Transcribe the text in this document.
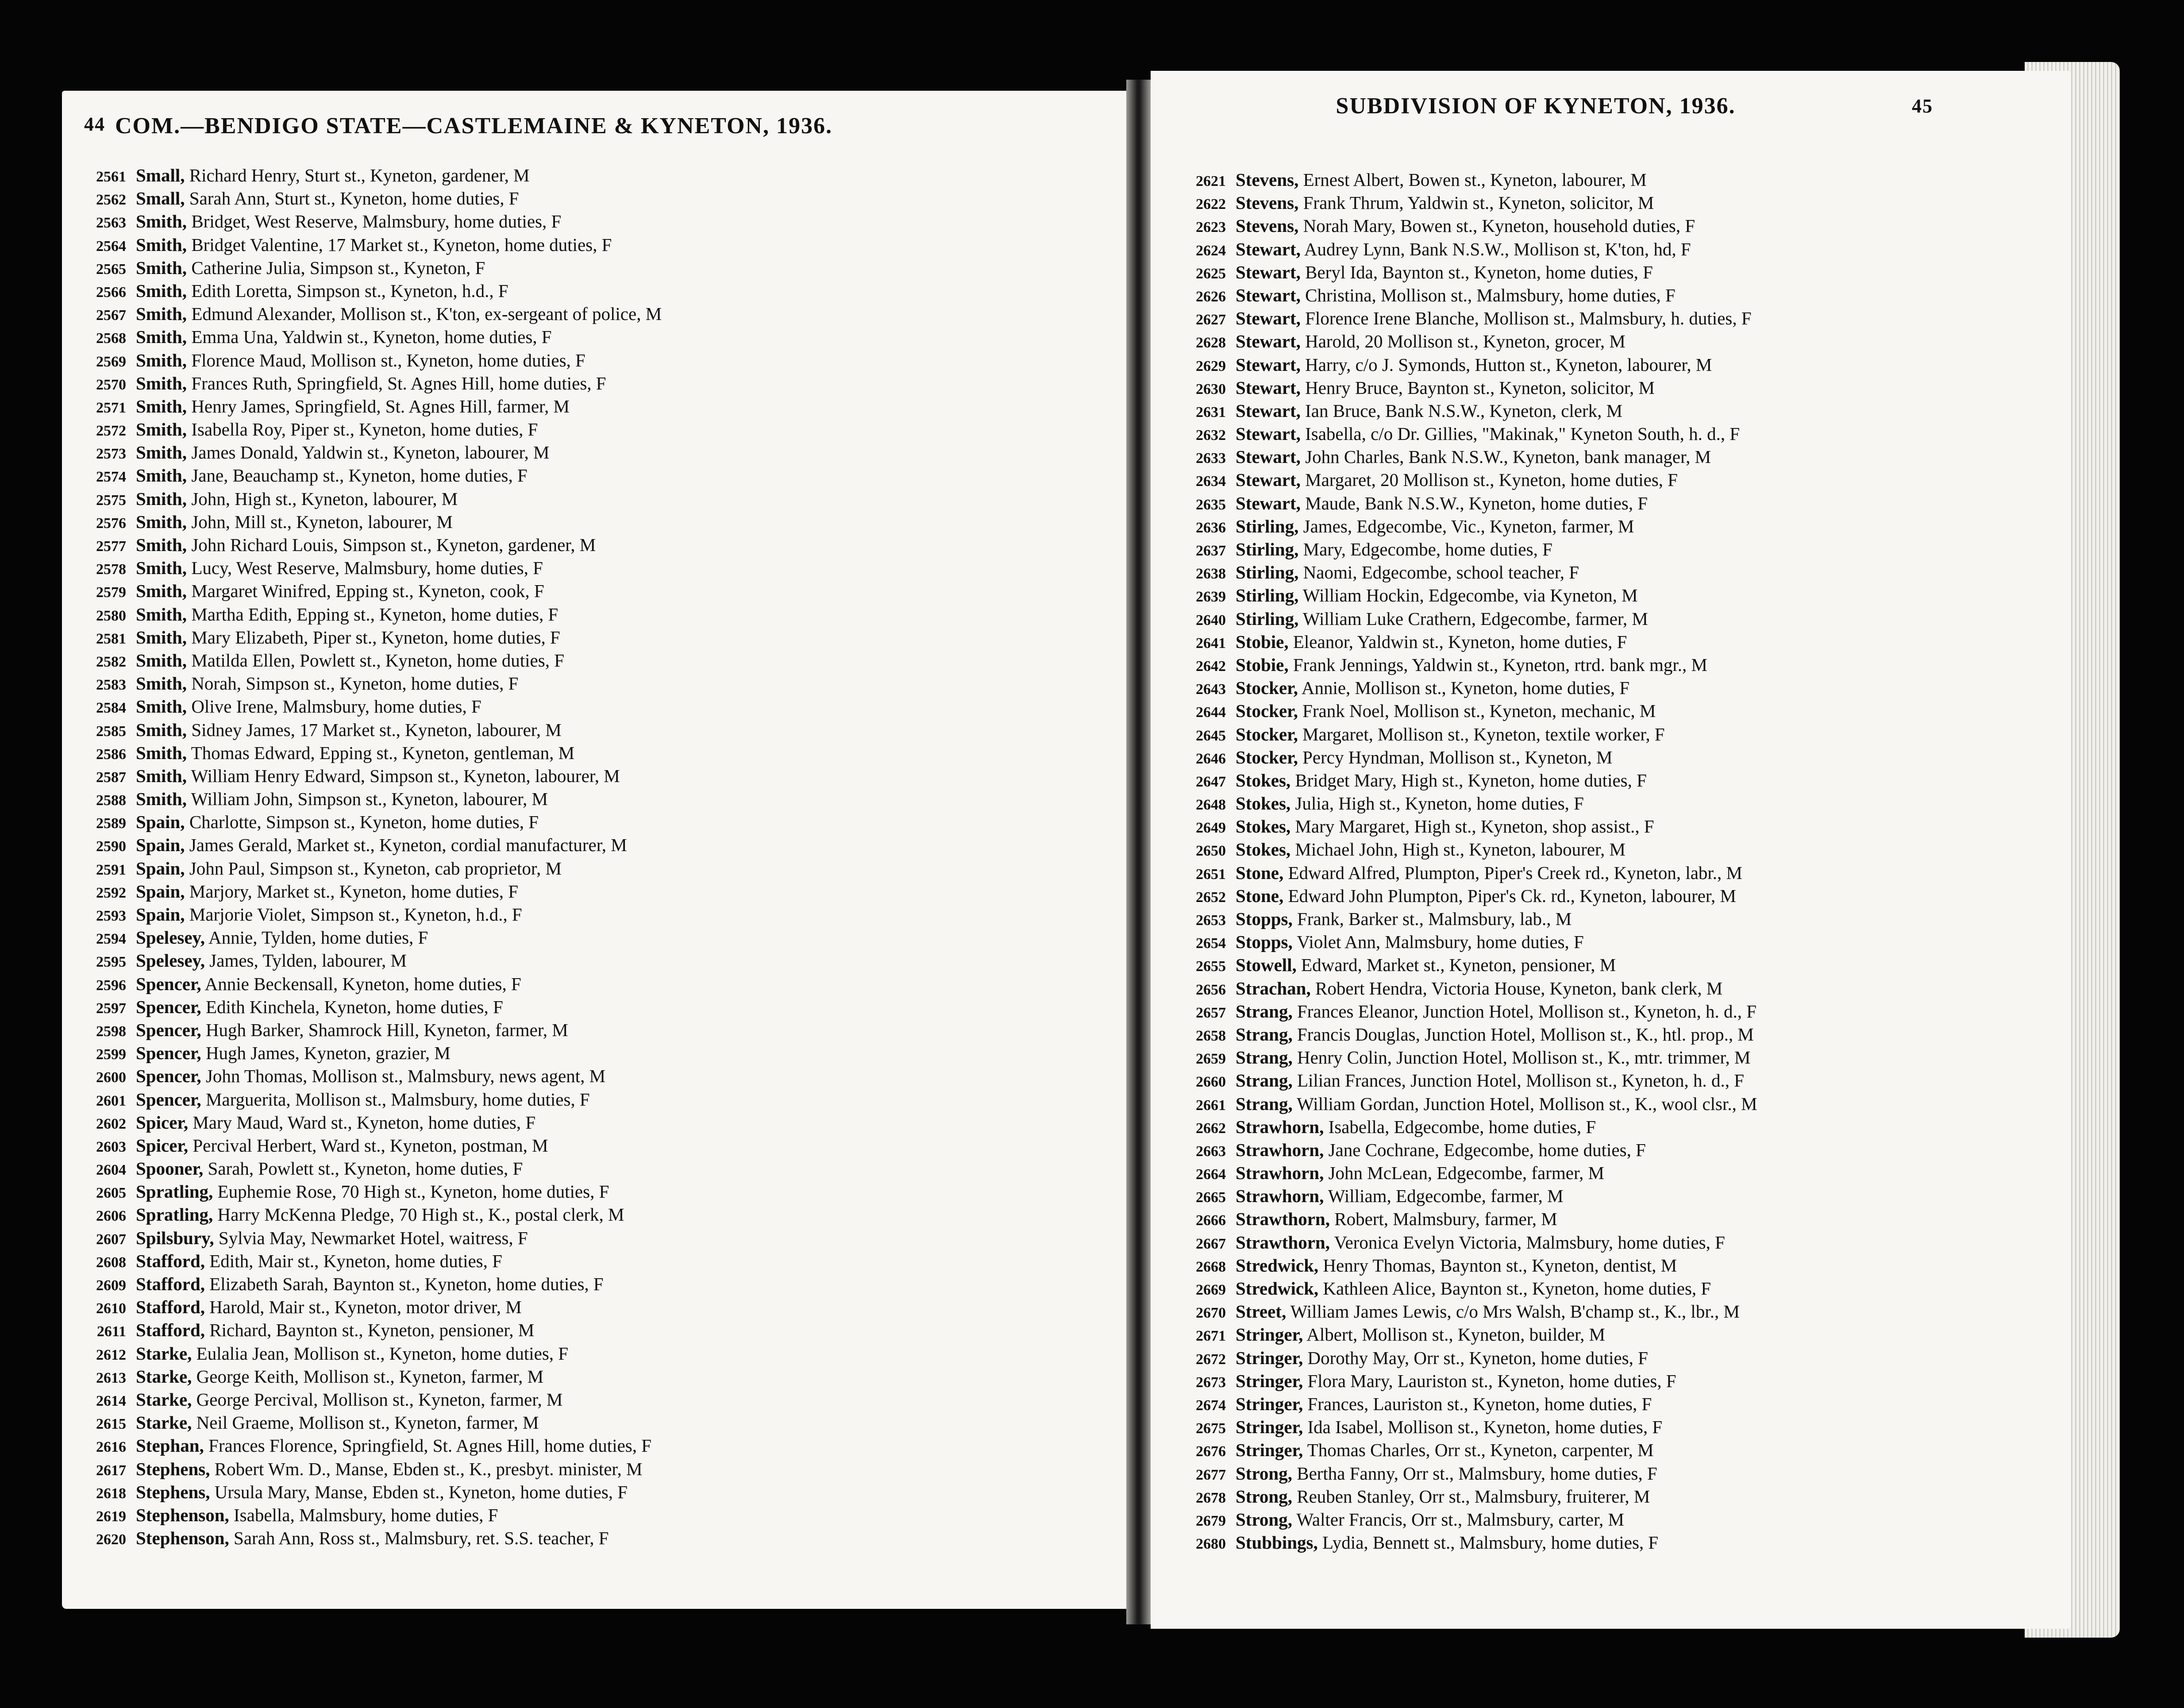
44 COM.—BENDIGO STATE—CASTLEMAINE & KYNETON, 1936.
2561 Small, Richard Henry, Sturt st., Kyneton, gardener, M
2562 Small, Sarah Ann, Sturt st., Kyneton, home duties, F
2563 Smith, Bridget, West Reserve, Malmsbury, home duties, F
2564 Smith, Bridget Valentine, 17 Market st., Kyneton, home duties, F
2565 Smith, Catherine Julia, Simpson st., Kyneton, F
2566 Smith, Edith Loretta, Simpson st., Kyneton, h.d., F
2567 Smith, Edmund Alexander, Mollison st., K'ton, ex-sergeant of police, M
2568 Smith, Emma Una, Yaldwin st., Kyneton, home duties, F
2569 Smith, Florence Maud, Mollison st., Kyneton, home duties, F
2570 Smith, Frances Ruth, Springfield, St. Agnes Hill, home duties, F
2571 Smith, Henry James, Springfield, St. Agnes Hill, farmer, M
2572 Smith, Isabella Roy, Piper st., Kyneton, home duties, F
2573 Smith, James Donald, Yaldwin st., Kyneton, labourer, M
2574 Smith, Jane, Beauchamp st., Kyneton, home duties, F
2575 Smith, John, High st., Kyneton, labourer, M
2576 Smith, John, Mill st., Kyneton, labourer, M
2577 Smith, John Richard Louis, Simpson st., Kyneton, gardener, M
2578 Smith, Lucy, West Reserve, Malmsbury, home duties, F
2579 Smith, Margaret Winifred, Epping st., Kyneton, cook, F
2580 Smith, Martha Edith, Epping st., Kyneton, home duties, F
2581 Smith, Mary Elizabeth, Piper st., Kyneton, home duties, F
2582 Smith, Matilda Ellen, Powlett st., Kyneton, home duties, F
2583 Smith, Norah, Simpson st., Kyneton, home duties, F
2584 Smith, Olive Irene, Malmsbury, home duties, F
2585 Smith, Sidney James, 17 Market st., Kyneton, labourer, M
2586 Smith, Thomas Edward, Epping st., Kyneton, gentleman, M
2587 Smith, William Henry Edward, Simpson st., Kyneton, labourer, M
2588 Smith, William John, Simpson st., Kyneton, labourer, M
2589 Spain, Charlotte, Simpson st., Kyneton, home duties, F
2590 Spain, James Gerald, Market st., Kyneton, cordial manufacturer, M
2591 Spain, John Paul, Simpson st., Kyneton, cab proprietor, M
2592 Spain, Marjory, Market st., Kyneton, home duties, F
2593 Spain, Marjorie Violet, Simpson st., Kyneton, h.d., F
2594 Spelesey, Annie, Tylden, home duties, F
2595 Spelesey, James, Tylden, labourer, M
2596 Spencer, Annie Beckensall, Kyneton, home duties, F
2597 Spencer, Edith Kinchela, Kyneton, home duties, F
2598 Spencer, Hugh Barker, Shamrock Hill, Kyneton, farmer, M
2599 Spencer, Hugh James, Kyneton, grazier, M
2600 Spencer, John Thomas, Mollison st., Malmsbury, news agent, M
2601 Spencer, Marguerita, Mollison st., Malmsbury, home duties, F
2602 Spicer, Mary Maud, Ward st., Kyneton, home duties, F
2603 Spicer, Percival Herbert, Ward st., Kyneton, postman, M
2604 Spooner, Sarah, Powlett st., Kyneton, home duties, F
2605 Spratling, Euphemie Rose, 70 High st., Kyneton, home duties, F
2606 Spratling, Harry McKenna Pledge, 70 High st., K., postal clerk, M
2607 Spilsbury, Sylvia May, Newmarket Hotel, waitress, F
2608 Stafford, Edith, Mair st., Kyneton, home duties, F
2609 Stafford, Elizabeth Sarah, Baynton st., Kyneton, home duties, F
2610 Stafford, Harold, Mair st., Kyneton, motor driver, M
2611 Stafford, Richard, Baynton st., Kyneton, pensioner, M
2612 Starke, Eulalia Jean, Mollison st., Kyneton, home duties, F
2613 Starke, George Keith, Mollison st., Kyneton, farmer, M
2614 Starke, George Percival, Mollison st., Kyneton, farmer, M
2615 Starke, Neil Graeme, Mollison st., Kyneton, farmer, M
2616 Stephan, Frances Florence, Springfield, St. Agnes Hill, home duties, F
2617 Stephens, Robert Wm. D., Manse, Ebden st., K., presbyt. minister, M
2618 Stephens, Ursula Mary, Manse, Ebden st., Kyneton, home duties, F
2619 Stephenson, Isabella, Malmsbury, home duties, F
2620 Stephenson, Sarah Ann, Ross st., Malmsbury, ret. S.S. teacher, F
SUBDIVISION OF KYNETON, 1936.	45
2621 Stevens, Ernest Albert, Bowen st., Kyneton, labourer, M
2622 Stevens, Frank Thrum, Yaldwin st., Kyneton, solicitor, M
2623 Stevens, Norah Mary, Bowen st., Kyneton, household duties, F
2624 Stewart, Audrey Lynn, Bank N.S.W., Mollison st, K'ton, hd, F
2625 Stewart, Beryl Ida, Baynton st., Kyneton, home duties, F
2626 Stewart, Christina, Mollison st., Malmsbury, home duties, F
2627 Stewart, Florence Irene Blanche, Mollison st., Malmsbury, h. duties, F
2628 Stewart, Harold, 20 Mollison st., Kyneton, grocer, M
2629 Stewart, Harry, c/o J. Symonds, Hutton st., Kyneton, labourer, M
2630 Stewart, Henry Bruce, Baynton st., Kyneton, solicitor, M
2631 Stewart, Ian Bruce, Bank N.S.W., Kyneton, clerk, M
2632 Stewart, Isabella, c/o Dr. Gillies, "Makinak," Kyneton South, h. d., F
2633 Stewart, John Charles, Bank N.S.W., Kyneton, bank manager, M
2634 Stewart, Margaret, 20 Mollison st., Kyneton, home duties, F
2635 Stewart, Maude, Bank N.S.W., Kyneton, home duties, F
2636 Stirling, James, Edgecombe, Vic., Kyneton, farmer, M
2637 Stirling, Mary, Edgecombe, home duties, F
2638 Stirling, Naomi, Edgecombe, school teacher, F
2639 Stirling, William Hockin, Edgecombe, via Kyneton, M
2640 Stirling, William Luke Crathern, Edgecombe, farmer, M
2641 Stobie, Eleanor, Yaldwin st., Kyneton, home duties, F
2642 Stobie, Frank Jennings, Yaldwin st., Kyneton, rtrd. bank mgr., M
2643 Stocker, Annie, Mollison st., Kyneton, home duties, F
2644 Stocker, Frank Noel, Mollison st., Kyneton, mechanic, M
2645 Stocker, Margaret, Mollison st., Kyneton, textile worker, F
2646 Stocker, Percy Hyndman, Mollison st., Kyneton, M
2647 Stokes, Bridget Mary, High st., Kyneton, home duties, F
2648 Stokes, Julia, High st., Kyneton, home duties, F
2649 Stokes, Mary Margaret, High st., Kyneton, shop assist., F
2650 Stokes, Michael John, High st., Kyneton, labourer, M
2651 Stone, Edward Alfred, Plumpton, Piper's Creek rd., Kyneton, labr., M
2652 Stone, Edward John Plumpton, Piper's Ck. rd., Kyneton, labourer, M
2653 Stopps, Frank, Barker st., Malmsbury, lab., M
2654 Stopps, Violet Ann, Malmsbury, home duties, F
2655 Stowell, Edward, Market st., Kyneton, pensioner, M
2656 Strachan, Robert Hendra, Victoria House, Kyneton, bank clerk, M
2657 Strang, Frances Eleanor, Junction Hotel, Mollison st., Kyneton, h. d., F
2658 Strang, Francis Douglas, Junction Hotel, Mollison st., K., htl. prop., M
2659 Strang, Henry Colin, Junction Hotel, Mollison st., K., mtr. trimmer, M
2660 Strang, Lilian Frances, Junction Hotel, Mollison st., Kyneton, h. d., F
2661 Strang, William Gordan, Junction Hotel, Mollison st., K., wool clsr., M
2662 Strawhorn, Isabella, Edgecombe, home duties, F
2663 Strawhorn, Jane Cochrane, Edgecombe, home duties, F
2664 Strawhorn, John McLean, Edgecombe, farmer, M
2665 Strawhorn, William, Edgecombe, farmer, M
2666 Strawthorn, Robert, Malmsbury, farmer, M
2667 Strawthorn, Veronica Evelyn Victoria, Malmsbury, home duties, F
2668 Stredwick, Henry Thomas, Baynton st., Kyneton, dentist, M
2669 Stredwick, Kathleen Alice, Baynton st., Kyneton, home duties, F
2670 Street, William James Lewis, c/o Mrs Walsh, B'champ st., K., lbr., M
2671 Stringer, Albert, Mollison st., Kyneton, builder, M
2672 Stringer, Dorothy May, Orr st., Kyneton, home duties, F
2673 Stringer, Flora Mary, Lauriston st., Kyneton, home duties, F
2674 Stringer, Frances, Lauriston st., Kyneton, home duties, F
2675 Stringer, Ida Isabel, Mollison st., Kyneton, home duties, F
2676 Stringer, Thomas Charles, Orr st., Kyneton, carpenter, M
2677 Strong, Bertha Fanny, Orr st., Malmsbury, home duties, F
2678 Strong, Reuben Stanley, Orr st., Malmsbury, fruiterer, M
2679 Strong, Walter Francis, Orr st., Malmsbury, carter, M
2680 Stubbings, Lydia, Bennett st., Malmsbury, home duties, F
